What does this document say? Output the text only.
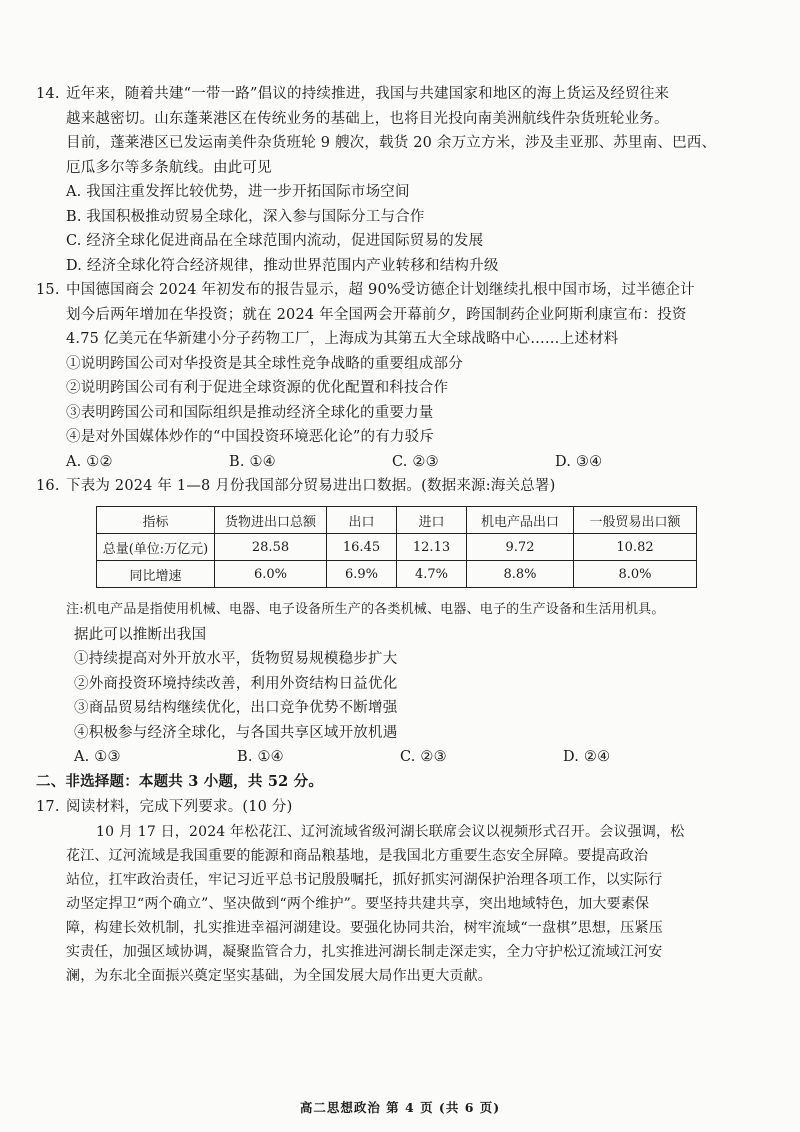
14. 近年来，随着共建“一带一路”倡议的持续推进，我国与共建国家和地区的海上货运及经贸往来

越来越密切。山东蓬莱港区在传统业务的基础上，也将目光投向南美洲航线件杂货班轮业务。

目前，蓬莱港区已发运南美件杂货班轮 9 艘次，载货 20 余万立方米，涉及圭亚那、苏里南、巴西、

厄瓜多尔等多条航线。由此可见

A. 我国注重发挥比较优势，进一步开拓国际市场空间

B. 我国积极推动贸易全球化，深入参与国际分工与合作

C. 经济全球化促进商品在全球范围内流动，促进国际贸易的发展

D. 经济全球化符合经济规律，推动世界范围内产业转移和结构升级

15. 中国德国商会 2024 年初发布的报告显示，超 90%受访德企计划继续扎根中国市场，过半德企计

划今后两年增加在华投资；就在 2024 年全国两会开幕前夕，跨国制药企业阿斯利康宣布：投资

4.75 亿美元在华新建小分子药物工厂，上海成为其第五大全球战略中心……上述材料

①说明跨国公司对华投资是其全球性竞争战略的重要组成部分

②说明跨国公司有利于促进全球资源的优化配置和科技合作

③表明跨国公司和国际组织是推动经济全球化的重要力量

④是对外国媒体炒作的“中国投资环境恶化论”的有力驳斥

A. ①②	B. ①④	C. ②③	D. ③④

16. 下表为 2024 年 1—8 月份我国部分贸易进出口数据。(数据来源:海关总署)

指标	货物进出口总额	出口	进口	机电产品出口	一般贸易出口额
总量(单位:万亿元)	28.58	16.45	12.13	9.72	10.82
同比增速	6.0%	6.9%	4.7%	8.8%	8.0%

注:机电产品是指使用机械、电器、电子设备所生产的各类机械、电器、电子的生产设备和生活用机具。

据此可以推断出我国

①持续提高对外开放水平，货物贸易规模稳步扩大

②外商投资环境持续改善，利用外资结构日益优化

③商品贸易结构继续优化，出口竞争优势不断增强

④积极参与经济全球化，与各国共享区域开放机遇

A. ①③	B. ①④	C. ②③	D. ②④
二、非选择题：本题共 3 小题，共 52 分。

17. 阅读材料，完成下列要求。(10 分)

10 月 17 日，2024 年松花江、辽河流域省级河湖长联席会议以视频形式召开。会议强调，松

花江、辽河流域是我国重要的能源和商品粮基地，是我国北方重要生态安全屏障。要提高政治

站位，扛牢政治责任，牢记习近平总书记殷殷嘱托，抓好抓实河湖保护治理各项工作，以实际行

动坚定捍卫“两个确立”、坚决做到“两个维护”。要坚持共建共享，突出地域特色，加大要素保

障，构建长效机制，扎实推进幸福河湖建设。要强化协同共治，树牢流域“一盘棋”思想，压紧压

实责任，加强区域协调，凝聚监管合力，扎实推进河湖长制走深走实，全力守护松辽流域江河安

澜，为东北全面振兴奠定坚实基础，为全国发展大局作出更大贡献。

高二思想政治 第 4 页 (共 6 页)
